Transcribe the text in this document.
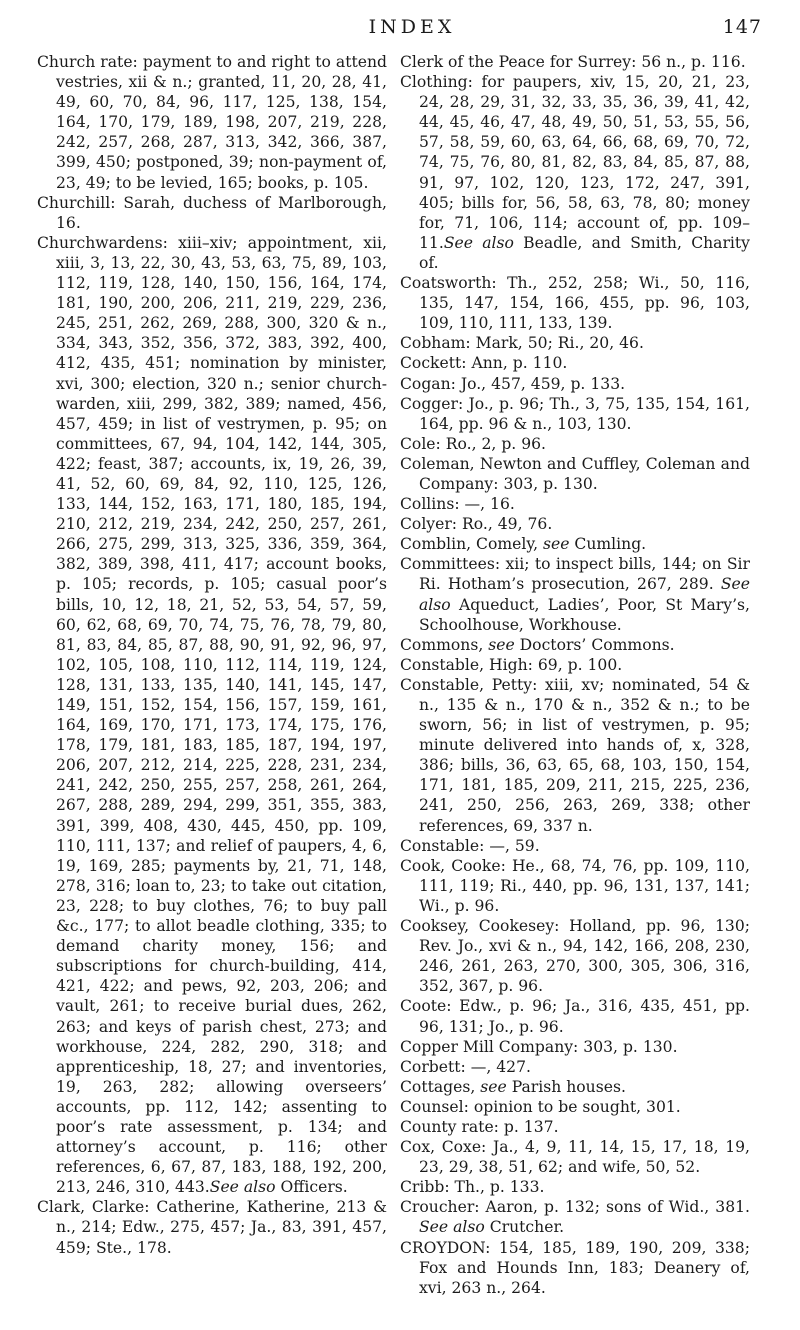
INDEX	147

Church rate: payment to and right to attend vestries, xii & n.; granted, 11, 20, 28, 41, 49, 60, 70, 84, 96, 117, 125, 138, 154, 164, 170, 179, 189, 198, 207, 219, 228, 242, 257, 268, 287, 313, 342, 366, 387, 399, 450; postponed, 39; non-payment of, 23, 49; to be levied, 165; books, p. 105.

Churchill: Sarah, duchess of Marlborough, 16.

Churchwardens: xiii–xiv; appointment, xii, xiii, 3, 13, 22, 30, 43, 53, 63, 75, 89, 103, 112, 119, 128, 140, 150, 156, 164, 174, 181, 190, 200, 206, 211, 219, 229, 236, 245, 251, 262, 269, 288, 300, 320 & n., 334, 343, 352, 356, 372, 383, 392, 400, 412, 435, 451; nomination by minister, xvi, 300; election, 320 n.; senior church-warden, xiii, 299, 382, 389; named, 456, 457, 459; in list of vestrymen, p. 95; on committees, 67, 94, 104, 142, 144, 305, 422; feast, 387; accounts, ix, 19, 26, 39, 41, 52, 60, 69, 84, 92, 110, 125, 126, 133, 144, 152, 163, 171, 180, 185, 194, 210, 212, 219, 234, 242, 250, 257, 261, 266, 275, 299, 313, 325, 336, 359, 364, 382, 389, 398, 411, 417; account books, p. 105; records, p. 105; casual poor’s bills, 10, 12, 18, 21, 52, 53, 54, 57, 59, 60, 62, 68, 69, 70, 74, 75, 76, 78, 79, 80, 81, 83, 84, 85, 87, 88, 90, 91, 92, 96, 97, 102, 105, 108, 110, 112, 114, 119, 124, 128, 131, 133, 135, 140, 141, 145, 147, 149, 151, 152, 154, 156, 157, 159, 161, 164, 169, 170, 171, 173, 174, 175, 176, 178, 179, 181, 183, 185, 187, 194, 197, 206, 207, 212, 214, 225, 228, 231, 234, 241, 242, 250, 255, 257, 258, 261, 264, 267, 288, 289, 294, 299, 351, 355, 383, 391, 399, 408, 430, 445, 450, pp. 109, 110, 111, 137; and relief of paupers, 4, 6, 19, 169, 285; payments by, 21, 71, 148, 278, 316; loan to, 23; to take out citation, 23, 228; to buy clothes, 76; to buy pall &c., 177; to allot beadle clothing, 335; to demand charity money, 156; and subscriptions for church-building, 414, 421, 422; and pews, 92, 203, 206; and vault, 261; to receive burial dues, 262, 263; and keys of parish chest, 273; and workhouse, 224, 282, 290, 318; and apprenticeship, 18, 27; and inventories, 19, 263, 282; allowing overseers’ accounts, pp. 112, 142; assenting to poor’s rate assessment, p. 134; and attorney’s account, p. 116; other references, 6, 67, 87, 183, 188, 192, 200, 213, 246, 310, 443.See also Officers.

Clark, Clarke: Catherine, Katherine, 213 & n., 214; Edw., 275, 457; Ja., 83, 391, 457, 459; Ste., 178.

Clerk of the Peace for Surrey: 56 n., p. 116.

Clothing: for paupers, xiv, 15, 20, 21, 23, 24, 28, 29, 31, 32, 33, 35, 36, 39, 41, 42, 44, 45, 46, 47, 48, 49, 50, 51, 53, 55, 56, 57, 58, 59, 60, 63, 64, 66, 68, 69, 70, 72, 74, 75, 76, 80, 81, 82, 83, 84, 85, 87, 88, 91, 97, 102, 120, 123, 172, 247, 391, 405; bills for, 56, 58, 63, 78, 80; money for, 71, 106, 114; account of, pp. 109–11.See also Beadle, and Smith, Charity of.

Coatsworth: Th., 252, 258; Wi., 50, 116, 135, 147, 154, 166, 455, pp. 96, 103, 109, 110, 111, 133, 139.

Cobham: Mark, 50; Ri., 20, 46.

Cockett: Ann, p. 110.

Cogan: Jo., 457, 459, p. 133.

Cogger: Jo., p. 96; Th., 3, 75, 135, 154, 161, 164, pp. 96 & n., 103, 130.

Cole: Ro., 2, p. 96.

Coleman, Newton and Cuffley, Coleman and Company: 303, p. 130.

Collins: —, 16.

Colyer: Ro., 49, 76.

Comblin, Comely, see Cumling.

Committees: xii; to inspect bills, 144; on Sir Ri. Hotham’s prosecution, 267, 289. See also Aqueduct, Ladies’, Poor, St Mary’s, Schoolhouse, Workhouse.

Commons, see Doctors’ Commons.

Constable, High: 69, p. 100.

Constable, Petty: xiii, xv; nominated, 54 & n., 135 & n., 170 & n., 352 & n.; to be sworn, 56; in list of vestrymen, p. 95; minute delivered into hands of, x, 328, 386; bills, 36, 63, 65, 68, 103, 150, 154, 171, 181, 185, 209, 211, 215, 225, 236, 241, 250, 256, 263, 269, 338; other references, 69, 337 n.

Constable: —, 59.

Cook, Cooke: He., 68, 74, 76, pp. 109, 110, 111, 119; Ri., 440, pp. 96, 131, 137, 141; Wi., p. 96.

Cooksey, Cookesey: Holland, pp. 96, 130; Rev. Jo., xvi & n., 94, 142, 166, 208, 230, 246, 261, 263, 270, 300, 305, 306, 316, 352, 367, p. 96.

Coote: Edw., p. 96; Ja., 316, 435, 451, pp. 96, 131; Jo., p. 96.

Copper Mill Company: 303, p. 130.

Corbett: —, 427.

Cottages, see Parish houses.

Counsel: opinion to be sought, 301.

County rate: p. 137.

Cox, Coxe: Ja., 4, 9, 11, 14, 15, 17, 18, 19, 23, 29, 38, 51, 62; and wife, 50, 52.

Cribb: Th., p. 133.

Croucher: Aaron, p. 132; sons of Wid., 381. See also Crutcher.

CROYDON: 154, 185, 189, 190, 209, 338; Fox and Hounds Inn, 183; Deanery of, xvi, 263 n., 264.
